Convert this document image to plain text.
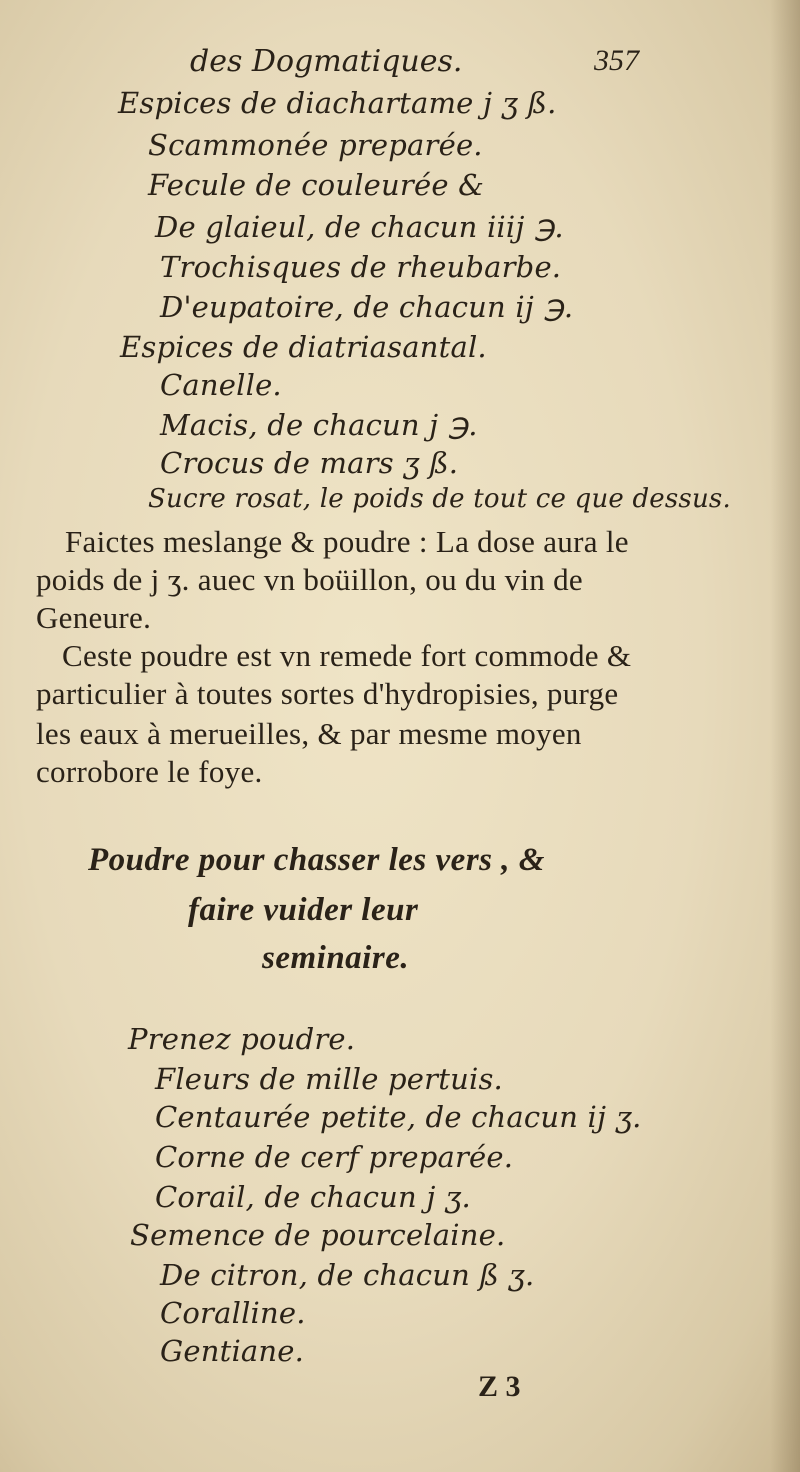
des Dogmatiques.	357
Espices de diachartame j ʒ ß.
Scammonée preparée.
Fecule de couleurée &
De glaieul, de chacun iiij ℈.
Trochisques de rheubarbe.
D'eupatoire, de chacun ij ℈.
Espices de diatriasantal.
Canelle.
Macis, de chacun j ℈.
Crocus de mars ʒ ß.
Sucre rosat, le poids de tout ce que dessus.
Faictes meslange & poudre : La dose aura le
poids de j ʒ. auec vn boüillon, ou du vin de
Geneure.
Ceste poudre est vn remede fort commode &
particulier à toutes sortes d'hydropisies, purge
les eaux à merueilles, & par mesme moyen
corrobore le foye.
Poudre pour chasser les vers , &
faire vuider leur
seminaire.
Prenez poudre.
Fleurs de mille pertuis.
Centaurée petite, de chacun ij ʒ.
Corne de cerf preparée.
Corail, de chacun j ʒ.
Semence de pourcelaine.
De citron, de chacun ß ʒ.
Coralline.
Gentiane.
Z 3
